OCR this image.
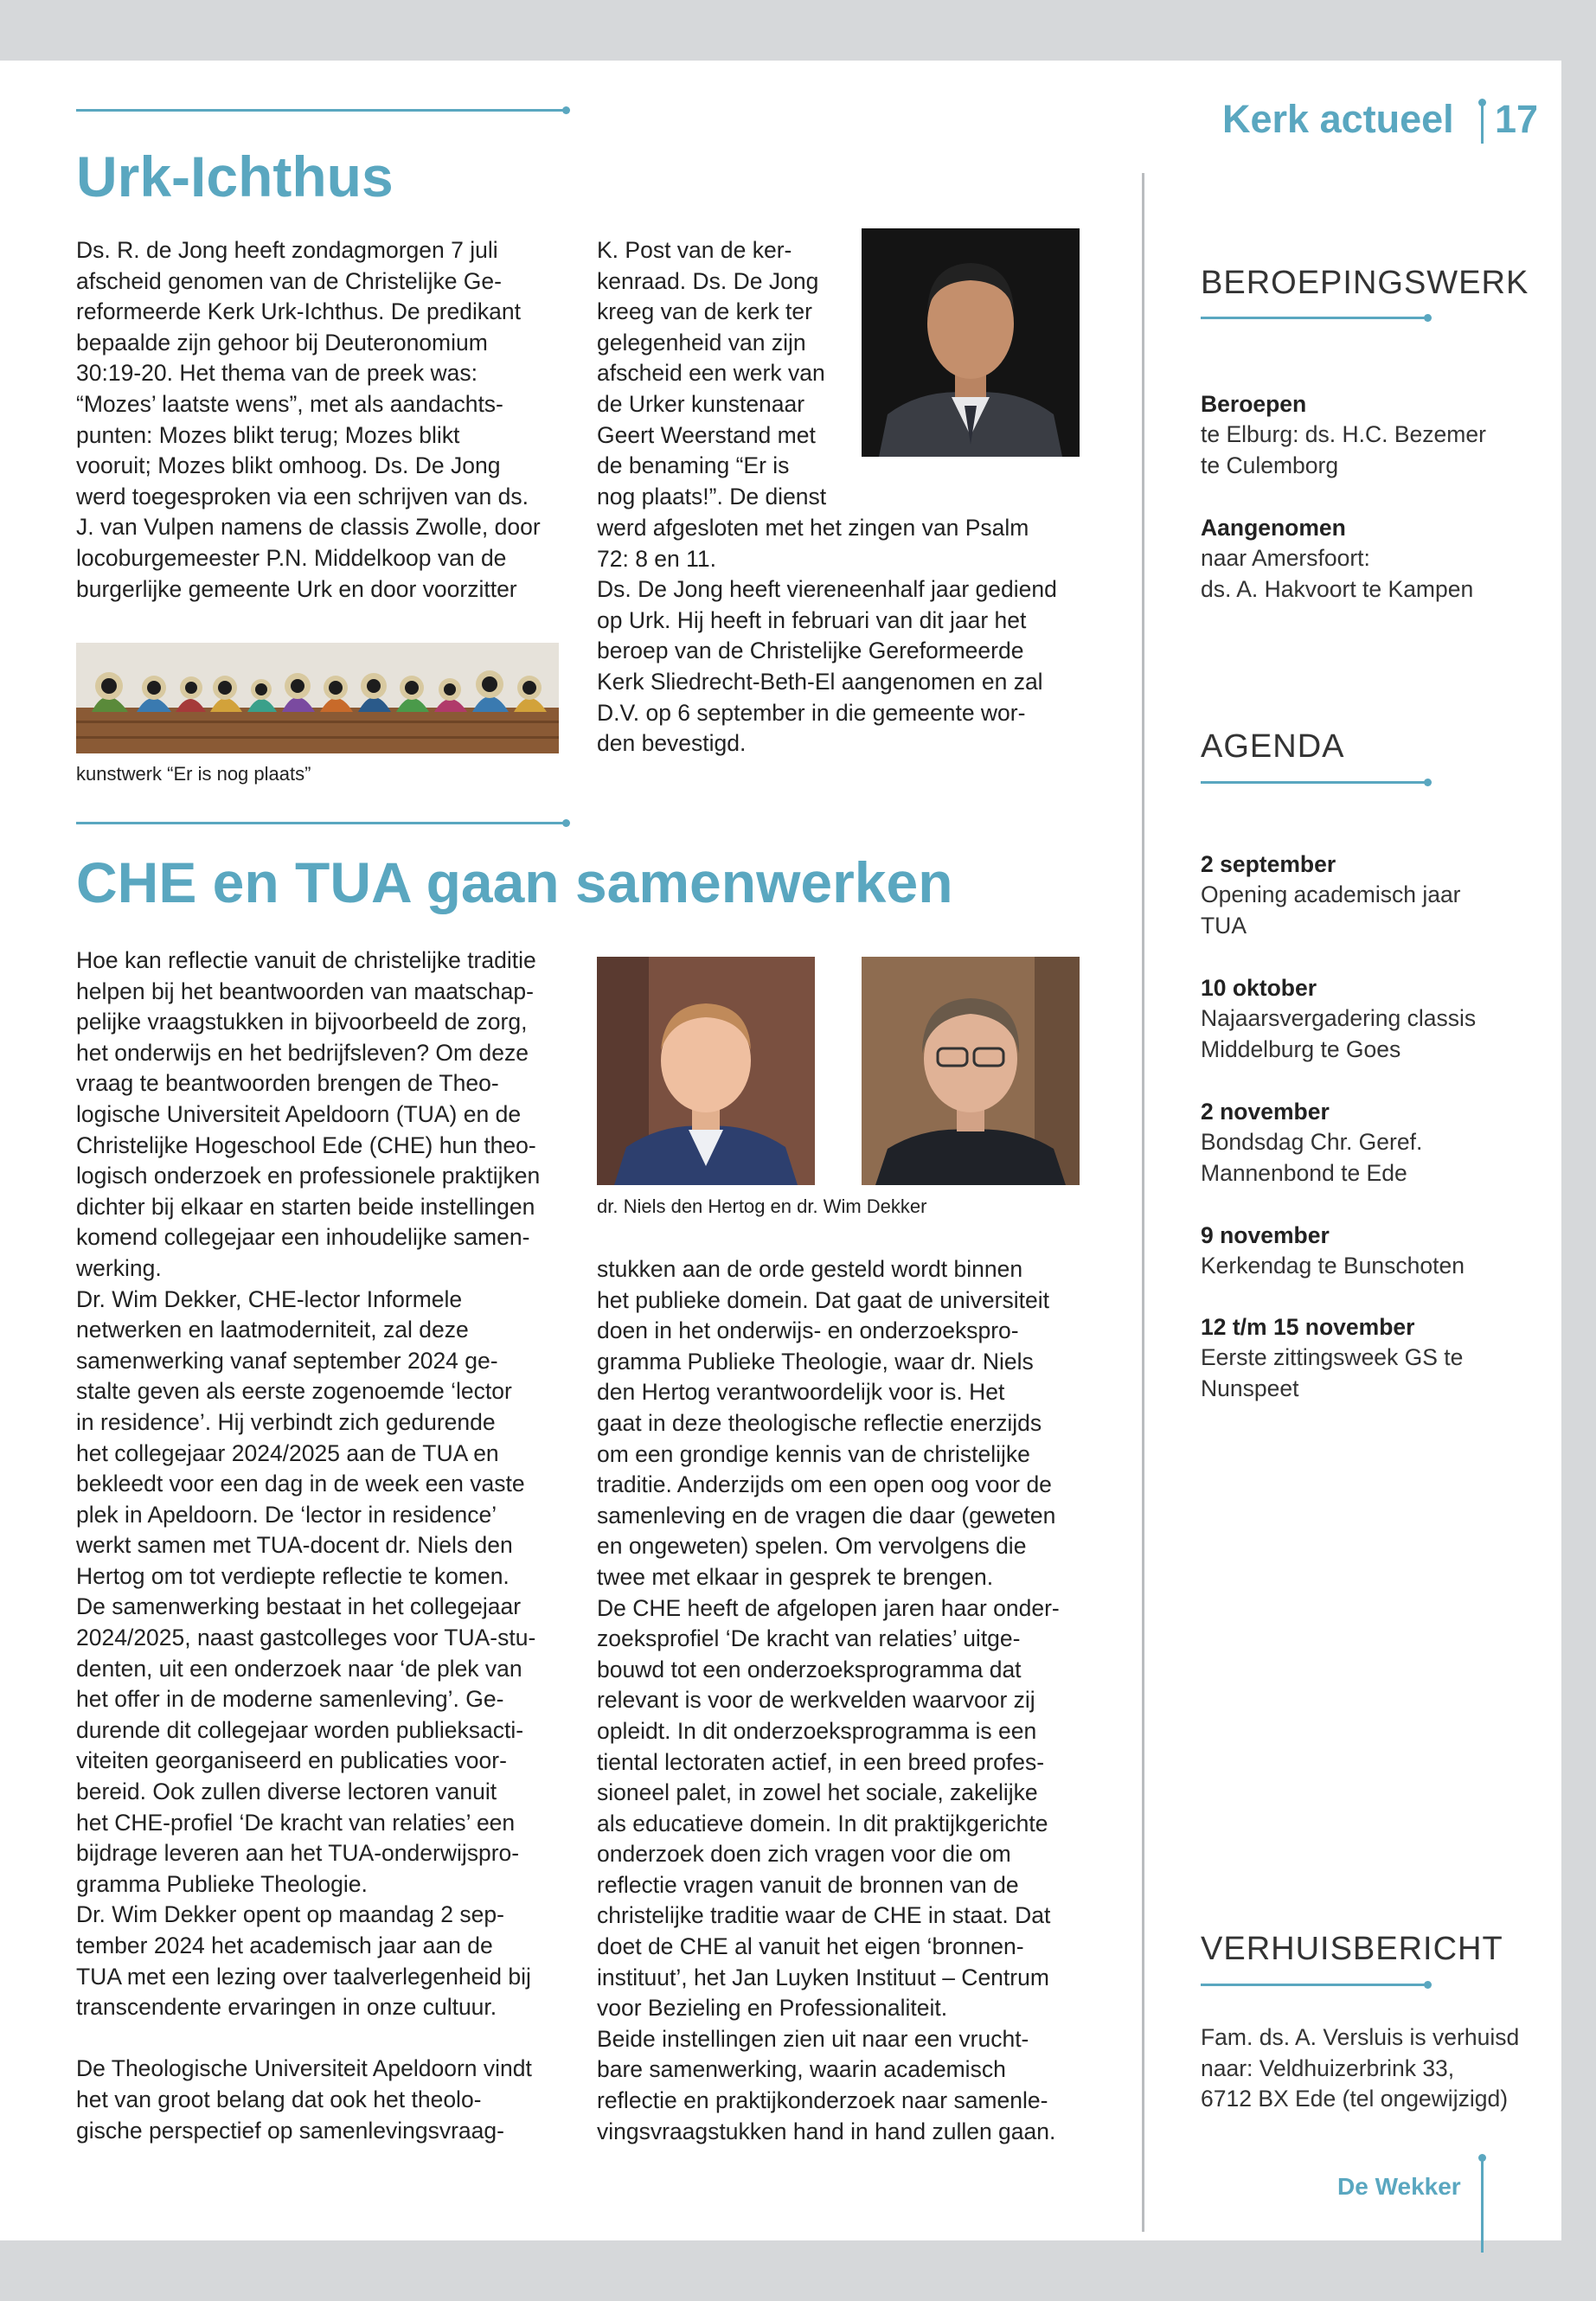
Kerk actueel 17
Urk-Ichthus

Ds. R. de Jong heeft zondagmorgen 7 juli
afscheid genomen van de Christelijke Ge-
reformeerde Kerk Urk-Ichthus. De predikant
bepaalde zijn gehoor bij Deuteronomium
30:19-20. Het thema van de preek was:
“Mozes’ laatste wens”, met als aandachts-
punten: Mozes blikt terug; Mozes blikt
vooruit; Mozes blikt omhoog. Ds. De Jong
werd toegesproken via een schrijven van ds.
J. van Vulpen namens de classis Zwolle, door
locoburgemeester P.N. Middelkoop van de
burgerlijke gemeente Urk en door voorzitter

K. Post van de ker-
kenraad. Ds. De Jong
kreeg van de kerk ter
gelegenheid van zijn
afscheid een werk van
de Urker kunstenaar
Geert Weerstand met
de benaming “Er is
nog plaats!”. De dienst

werd afgesloten met het zingen van Psalm
72: 8 en 11.
Ds. De Jong heeft viereneenhalf jaar gediend
op Urk. Hij heeft in februari van dit jaar het
beroep van de Christelijke Gereformeerde
Kerk Sliedrecht-Beth-El aangenomen en zal
D.V. op 6 september in die gemeente wor-
den bevestigd.

kunstwerk “Er is nog plaats”

CHE en TUA gaan samenwerken

Hoe kan reflectie vanuit de christelijke traditie
helpen bij het beantwoorden van maatschap-
pelijke vraagstukken in bijvoorbeeld de zorg,
het onderwijs en het bedrijfsleven? Om deze
vraag te beantwoorden brengen de Theo-
logische Universiteit Apeldoorn (TUA) en de
Christelijke Hogeschool Ede (CHE) hun theo-
logisch onderzoek en professionele praktijken
dichter bij elkaar en starten beide instellingen
komend collegejaar een inhoudelijke samen-
werking.
Dr. Wim Dekker, CHE-lector Informele
netwerken en laatmoderniteit, zal deze
samenwerking vanaf september 2024 ge-
stalte geven als eerste zogenoemde ‘lector
in residence’. Hij verbindt zich gedurende
het collegejaar 2024/2025 aan de TUA en
bekleedt voor een dag in de week een vaste
plek in Apeldoorn. De ‘lector in residence’
werkt samen met TUA-docent dr. Niels den
Hertog om tot verdiepte reflectie te komen.
De samenwerking bestaat in het collegejaar
2024/2025, naast gastcolleges voor TUA-stu-
denten, uit een onderzoek naar ‘de plek van
het offer in de moderne samenleving’. Ge-
durende dit collegejaar worden publieksacti-
viteiten georganiseerd en publicaties voor-
bereid. Ook zullen diverse lectoren vanuit
het CHE-profiel ‘De kracht van relaties’ een
bijdrage leveren aan het TUA-onderwijspro-
gramma Publieke Theologie.
Dr. Wim Dekker opent op maandag 2 sep-
tember 2024 het academisch jaar aan de
TUA met een lezing over taalverlegenheid bij
transcendente ervaringen in onze cultuur.

De Theologische Universiteit Apeldoorn vindt
het van groot belang dat ook het theolo-
gische perspectief op samenlevingsvraag-

dr. Niels den Hertog en dr. Wim Dekker

stukken aan de orde gesteld wordt binnen
het publieke domein. Dat gaat de universiteit
doen in het onderwijs- en onderzoekspro-
gramma Publieke Theologie, waar dr. Niels
den Hertog verantwoordelijk voor is. Het
gaat in deze theologische reflectie enerzijds
om een grondige kennis van de christelijke
traditie. Anderzijds om een open oog voor de
samenleving en de vragen die daar (geweten
en ongeweten) spelen. Om vervolgens die
twee met elkaar in gesprek te brengen.
De CHE heeft de afgelopen jaren haar onder-
zoeksprofiel ‘De kracht van relaties’ uitge-
bouwd tot een onderzoeksprogramma dat
relevant is voor de werkvelden waarvoor zij
opleidt. In dit onderzoeksprogramma is een
tiental lectoraten actief, in een breed profes-
sioneel palet, in zowel het sociale, zakelijke
als educatieve domein. In dit praktijkgerichte
onderzoek doen zich vragen voor die om
reflectie vragen vanuit de bronnen van de
christelijke traditie waar de CHE in staat. Dat
doet de CHE al vanuit het eigen ‘bronnen-
instituut’, het Jan Luyken Instituut – Centrum
voor Bezieling en Professionaliteit.
Beide instellingen zien uit naar een vrucht-
bare samenwerking, waarin academisch
reflectie en praktijkonderzoek naar samenle-
vingsvraagstukken hand in hand zullen gaan.

BEROEPINGSWERK

Beroepen

te Elburg: ds. H.C. Bezemer
te Culemborg

Aangenomen

naar Amersfoort:
ds. A. Hakvoort te Kampen

AGENDA

2 september

Opening academisch jaar
TUA

10 oktober

Najaarsvergadering classis
Middelburg te Goes

2 november

Bondsdag Chr. Geref.
Mannenbond te Ede

9 november

Kerkendag te Bunschoten

12 t/m 15 november

Eerste zittingsweek GS te
Nunspeet

VERHUISBERICHT
Fam. ds. A. Versluis is verhuisd
naar: Veldhuizerbrink 33,
6712 BX Ede (tel ongewijzigd)
De Wekker
